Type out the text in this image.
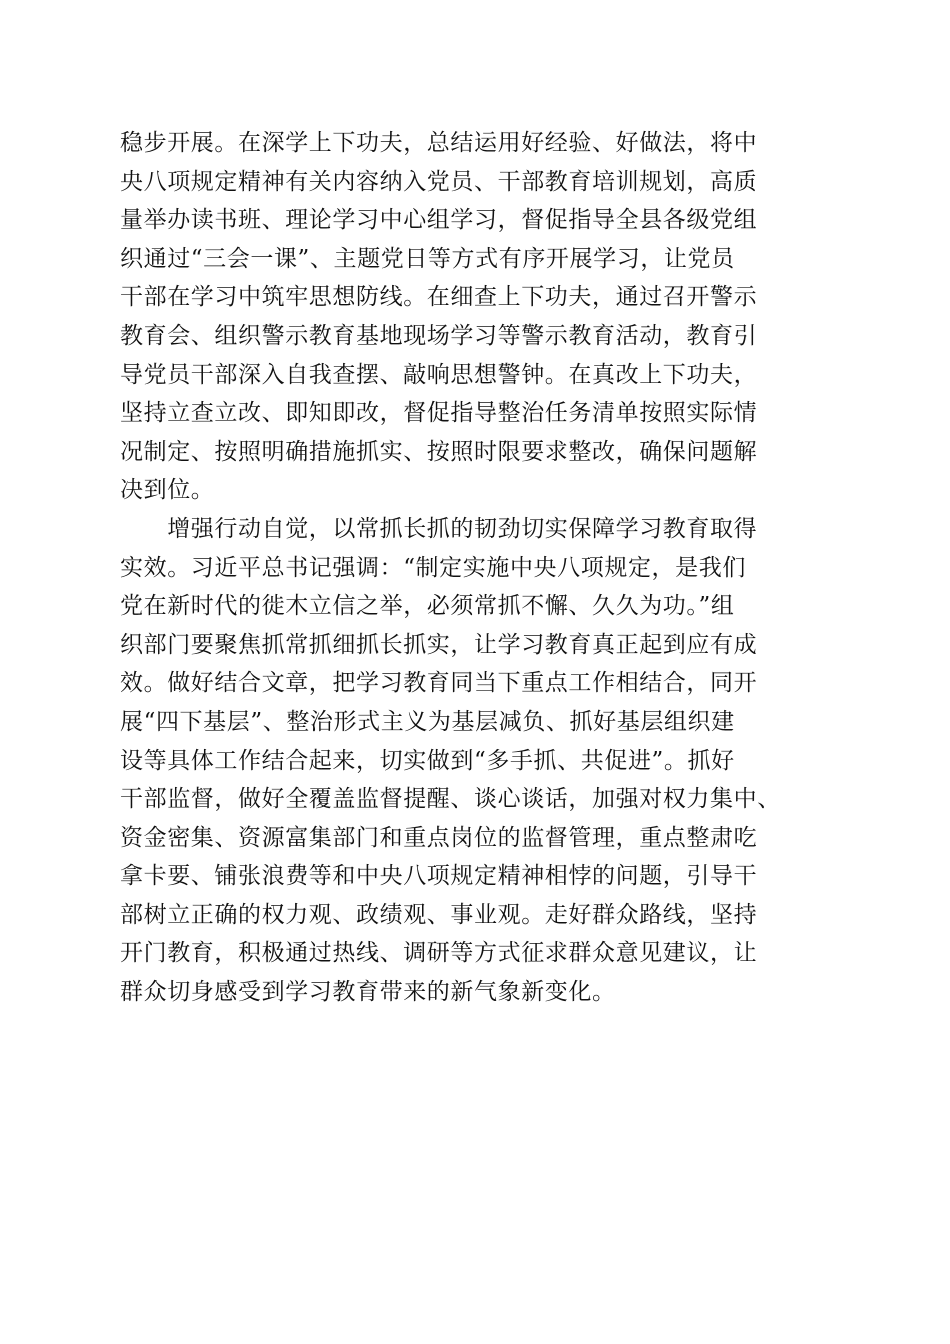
稳步开展。在深学上下功夫，总结运用好经验、好做法，将中
央八项规定精神有关内容纳入党员、干部教育培训规划，高质
量举办读书班、理论学习中心组学习，督促指导全县各级党组
织通过“三会一课”、主题党日等方式有序开展学习，让党员
干部在学习中筑牢思想防线。在细查上下功夫，通过召开警示
教育会、组织警示教育基地现场学习等警示教育活动，教育引
导党员干部深入自我查摆、敲响思想警钟。在真改上下功夫，
坚持立查立改、即知即改，督促指导整治任务清单按照实际情
况制定、按照明确措施抓实、按照时限要求整改，确保问题解
决到位。
　　增强行动自觉，以常抓长抓的韧劲切实保障学习教育取得
实效。习近平总书记强调：“制定实施中央八项规定，是我们
党在新时代的徙木立信之举，必须常抓不懈、久久为功。”组
织部门要聚焦抓常抓细抓长抓实，让学习教育真正起到应有成
效。做好结合文章，把学习教育同当下重点工作相结合，同开
展“四下基层”、整治形式主义为基层减负、抓好基层组织建
设等具体工作结合起来，切实做到“多手抓、共促进”。抓好
干部监督，做好全覆盖监督提醒、谈心谈话，加强对权力集中、
资金密集、资源富集部门和重点岗位的监督管理，重点整肃吃
拿卡要、铺张浪费等和中央八项规定精神相悖的问题，引导干
部树立正确的权力观、政绩观、事业观。走好群众路线，坚持
开门教育，积极通过热线、调研等方式征求群众意见建议，让
群众切身感受到学习教育带来的新气象新变化。
